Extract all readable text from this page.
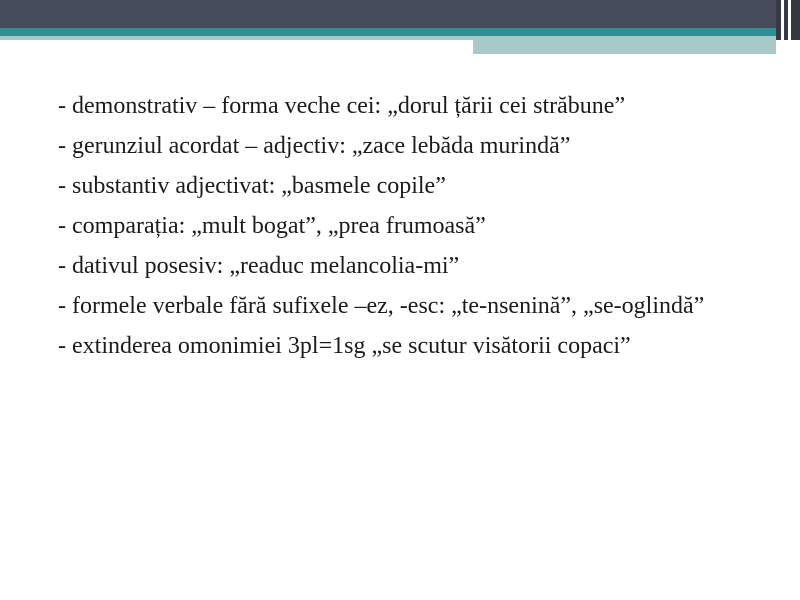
- demonstrativ – forma veche cei: „dorul țării cei străbune”
- gerunziul acordat – adjectiv: „zace lebăda murindă”
- substantiv adjectivat: „basmele copile”
- comparația: „mult bogat”, „prea frumoasă”
- dativul posesiv: „readuc melancolia-mi”
- formele verbale fără sufixele –ez, -esc: „te-nsenină”, „se-oglindă”
- extinderea omonimiei 3pl=1sg „se scutur visătorii copaci”
